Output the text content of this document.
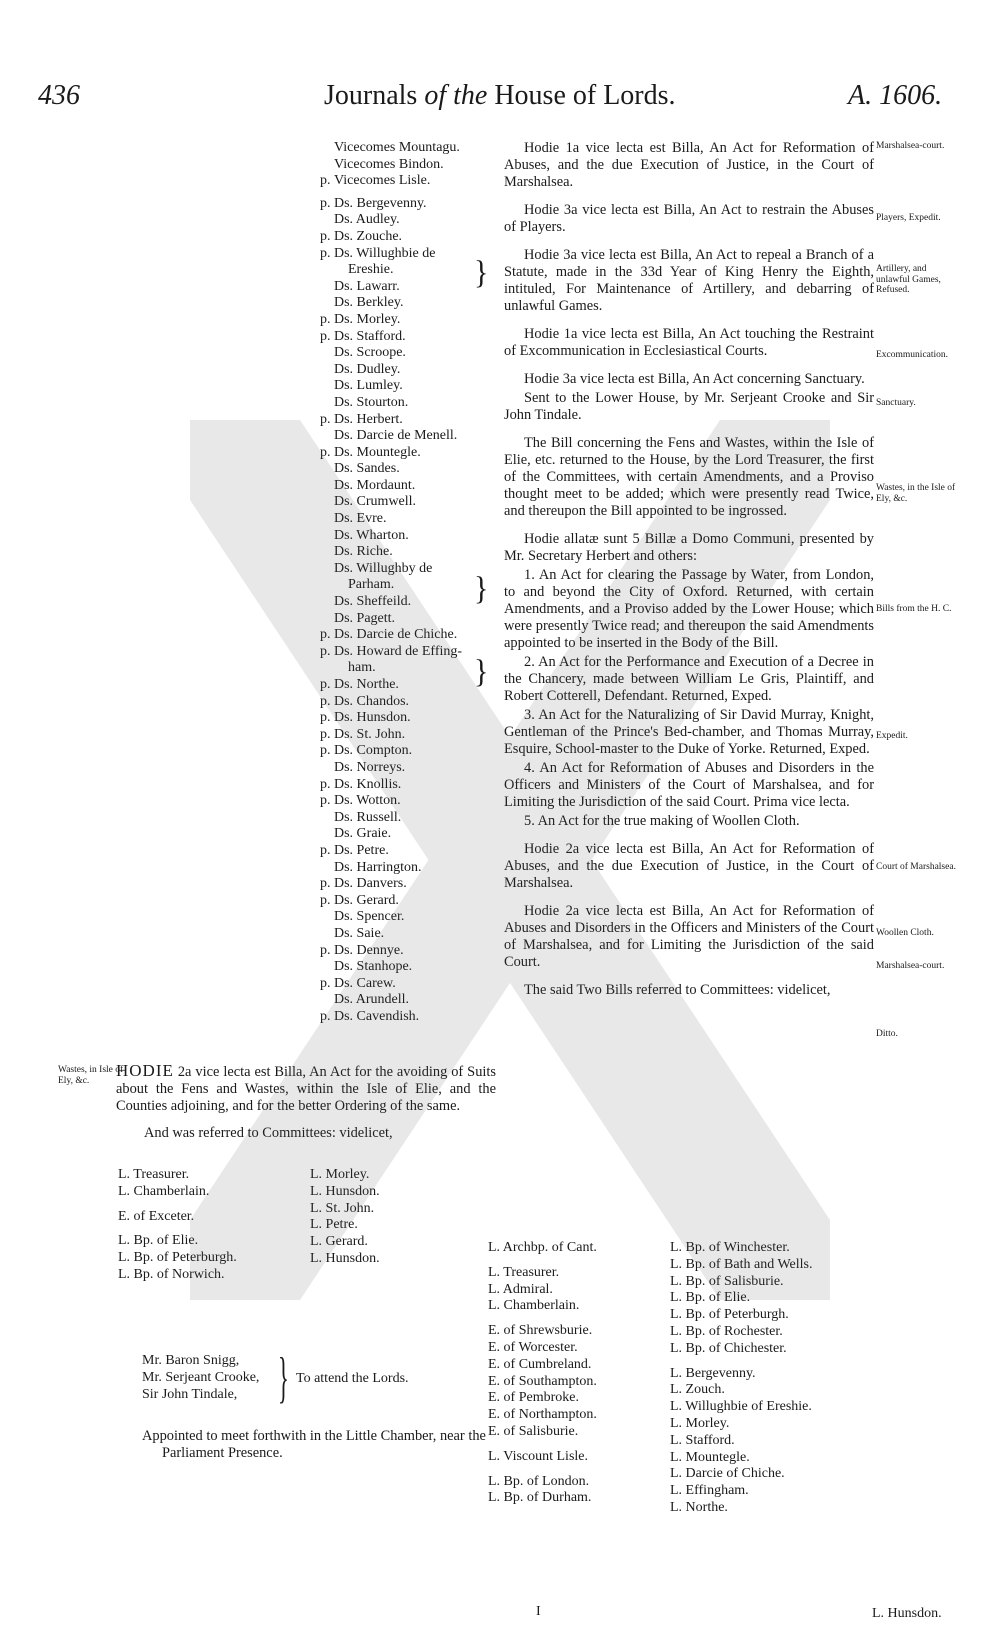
436	Journals of the House of Lords.	A. 1606.
Vicecomes Mountagu.
Vicecomes Bindon.
p. Vicecomes Lisle.
p. Ds. Bergevenny.
Ds. Audley.
p. Ds. Zouche.
p. Ds. Willughbie de
Ereshie.
Ds. Lawarr.
Ds. Berkley.
p. Ds. Morley.
p. Ds. Stafford.
Ds. Scroope.
Ds. Dudley.
Ds. Lumley.
Ds. Stourton.
p. Ds. Herbert.
Ds. Darcie de Menell.
p. Ds. Mountegle.
Ds. Sandes.
Ds. Mordaunt.
Ds. Crumwell.
Ds. Evre.
Ds. Wharton.
Ds. Riche.
Ds. Willughby de
Parham.
Ds. Sheffeild.
Ds. Pagett.
p. Ds. Darcie de Chiche.
p. Ds. Howard de Effing-
ham.
p. Ds. Northe.
p. Ds. Chandos.
p. Ds. Hunsdon.
p. Ds. St. John.
p. Ds. Compton.
Ds. Norreys.
p. Ds. Knollis.
p. Ds. Wotton.
Ds. Russell.
Ds. Graie.
p. Ds. Petre.
Ds. Harrington.
p. Ds. Danvers.
p. Ds. Gerard.
Ds. Spencer.
Ds. Saie.
p. Ds. Dennye.
Ds. Stanhope.
p. Ds. Carew.
Ds. Arundell.
p. Ds. Cavendish.
}
}
}

Hodie 1a vice lecta est Billa, An Act for Reformation of Abuses, and the due Execution of Justice, in the Court of Marshalsea.

Hodie 3a vice lecta est Billa, An Act to restrain the Abuses of Players.

Hodie 3a vice lecta est Billa, An Act to repeal a Branch of a Statute, made in the 33d Year of King Henry the Eighth, intituled, For Maintenance of Artillery, and debarring of unlawful Games.

Hodie 1a vice lecta est Billa, An Act touching the Restraint of Excommunication in Ecclesiastical Courts.

Hodie 3a vice lecta est Billa, An Act concerning Sanctuary.

Sent to the Lower House, by Mr. Serjeant Crooke and Sir John Tindale.

The Bill concerning the Fens and Wastes, within the Isle of Elie, etc. returned to the House, by the Lord Treasurer, the first of the Committees, with certain Amendments, and a Proviso thought meet to be added; which were presently read Twice, and thereupon the Bill appointed to be ingrossed.

Hodie allatæ sunt 5 Billæ a Domo Communi, presented by Mr. Secretary Herbert and others:

1. An Act for clearing the Passage by Water, from London, to and beyond the City of Oxford. Returned, with certain Amendments, and a Proviso added by the Lower House; which were presently Twice read; and thereupon the said Amendments appointed to be inserted in the Body of the Bill.

2. An Act for the Performance and Execution of a Decree in the Chancery, made between William Le Gris, Plaintiff, and Robert Cotterell, Defendant. Returned, Exped.

3. An Act for the Naturalizing of Sir David Murray, Knight, Gentleman of the Prince's Bed-chamber, and Thomas Murray, Esquire, School-master to the Duke of Yorke. Returned, Exped.

4. An Act for Reformation of Abuses and Disorders in the Officers and Ministers of the Court of Marshalsea, and for Limiting the Jurisdiction of the said Court. Prima vice lecta.

5. An Act for the true making of Woollen Cloth.

Hodie 2a vice lecta est Billa, An Act for Reformation of Abuses, and the due Execution of Justice, in the Court of Marshalsea.

Hodie 2a vice lecta est Billa, An Act for Reformation of Abuses and Disorders in the Officers and Ministers of the Court of Marshalsea, and for Limiting the Jurisdiction of the said Court.

The said Two Bills referred to Committees: videlicet,

Marshalsea-court.
Players, Expedit.
Artillery, and unlawful Games, Refused.
Excommunication.
Sanctuary.
Wastes, in the Isle of Ely, &c.
Bills from the H. C.
Expedit.
Court of Marshalsea.
Woollen Cloth.
Marshalsea-court.
Ditto.
Wastes, in Isle of Ely, &c.

HODIE 2a vice lecta est Billa, An Act for the avoiding of Suits about the Fens and Wastes, within the Isle of Elie, and the Counties adjoining, and for the better Ordering of the same.

And was referred to Committees: videlicet,

L. Treasurer.
L. Chamberlain.
E. of Exceter.
L. Bp. of Elie.
L. Bp. of Peterburgh.
L. Bp. of Norwich.
L. Morley.
L. Hunsdon.
L. St. John.
L. Petre.
L. Gerard.
L. Hunsdon.
Mr. Baron Snigg,
Mr. Serjeant Crooke,
Sir John Tindale, } To attend the Lords.
Appointed to meet forthwith in the Little Chamber, near the Parliament Presence.
L. Archbp. of Cant.
L. Treasurer.
L. Admiral.
L. Chamberlain.
E. of Shrewsburie.
E. of Worcester.
E. of Cumbreland.
E. of Southampton.
E. of Pembroke.
E. of Northampton.
E. of Salisburie.
L. Viscount Lisle.
L. Bp. of London.
L. Bp. of Durham.
L. Bp. of Winchester.
L. Bp. of Bath and Wells.
L. Bp. of Salisburie.
L. Bp. of Elie.
L. Bp. of Peterburgh.
L. Bp. of Rochester.
L. Bp. of Chichester.
L. Bergevenny.
L. Zouch.
L. Willughbie of Ereshie.
L. Morley.
L. Stafford.
L. Mountegle.
L. Darcie of Chiche.
L. Effingham.
L. Northe.
I	L. Hunsdon.
